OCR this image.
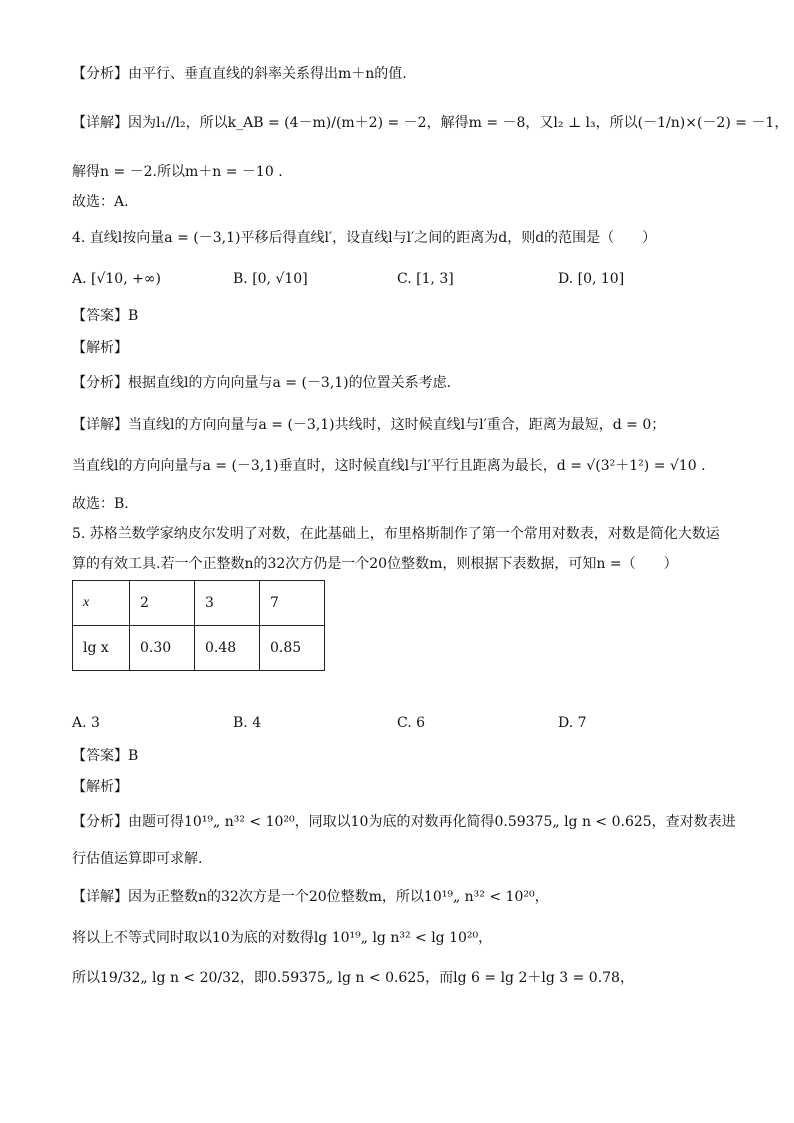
【分析】由平行、垂直直线的斜率关系得出m＋n的值.
【详解】因为l₁//l₂，所以k_AB = (4－m)/(m＋2) = －2，解得m = －8，又l₂ ⊥ l₃，所以(－1/n)×(－2) = －1，
解得n = －2.所以m＋n = －10 .
故选：A.
4. 直线l按向量a = (－3,1)平移后得直线l′，设直线l与l′之间的距离为d，则d的范围是（　　）
A. [√10, +∞)	B. [0, √10]	C. [1, 3]	D. [0, 10]
【答案】B
【解析】
【分析】根据直线l的方向向量与a = (－3,1)的位置关系考虑.
【详解】当直线l的方向向量与a = (－3,1)共线时，这时候直线l与l′重合，距离为最短，d = 0；
当直线l的方向向量与a = (－3,1)垂直时，这时候直线l与l′平行且距离为最长，d = √(3²＋1²) = √10 .
故选：B.
5. 苏格兰数学家纳皮尔发明了对数，在此基础上，布里格斯制作了第一个常用对数表，对数是简化大数运
算的有效工具.若一个正整数n的32次方仍是一个20位整数m，则根据下表数据，可知n =（　　）
x	2	3	7
lg x	0.30	0.48	0.85
A. 3	B. 4	C. 6	D. 7
【答案】B
【解析】
【分析】由题可得10¹⁹„ n³² < 10²⁰，同取以10为底的对数再化简得0.59375„ lg n < 0.625，查对数表进
行估值运算即可求解.
【详解】因为正整数n的32次方是一个20位整数m，所以10¹⁹„ n³² < 10²⁰，
将以上不等式同时取以10为底的对数得lg 10¹⁹„ lg n³² < lg 10²⁰，
所以19/32„ lg n < 20/32，即0.59375„ lg n < 0.625，而lg 6 = lg 2＋lg 3 = 0.78，
